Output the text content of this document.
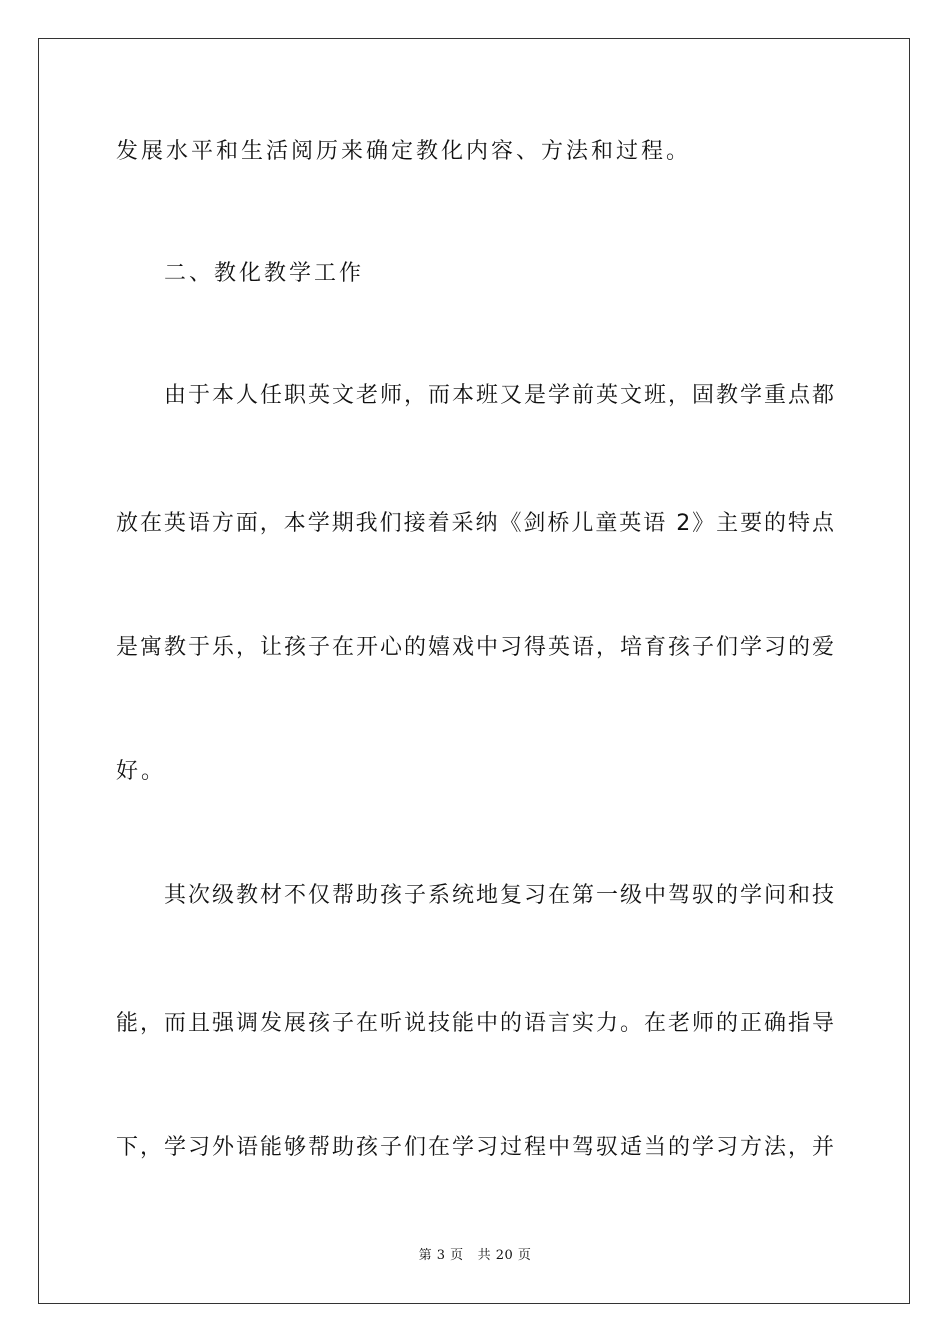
发展水平和生活阅历来确定教化内容、方法和过程。
二、教化教学工作
由于本人任职英文老师，而本班又是学前英文班，固教学重点都
放在英语方面，本学期我们接着采纳《剑桥儿童英语 2》主要的特点
是寓教于乐，让孩子在开心的嬉戏中习得英语，培育孩子们学习的爱
好。
其次级教材不仅帮助孩子系统地复习在第一级中驾驭的学问和技
能，而且强调发展孩子在听说技能中的语言实力。在老师的正确指导
下，学习外语能够帮助孩子们在学习过程中驾驭适当的学习方法，并
第 3 页 共 20 页
